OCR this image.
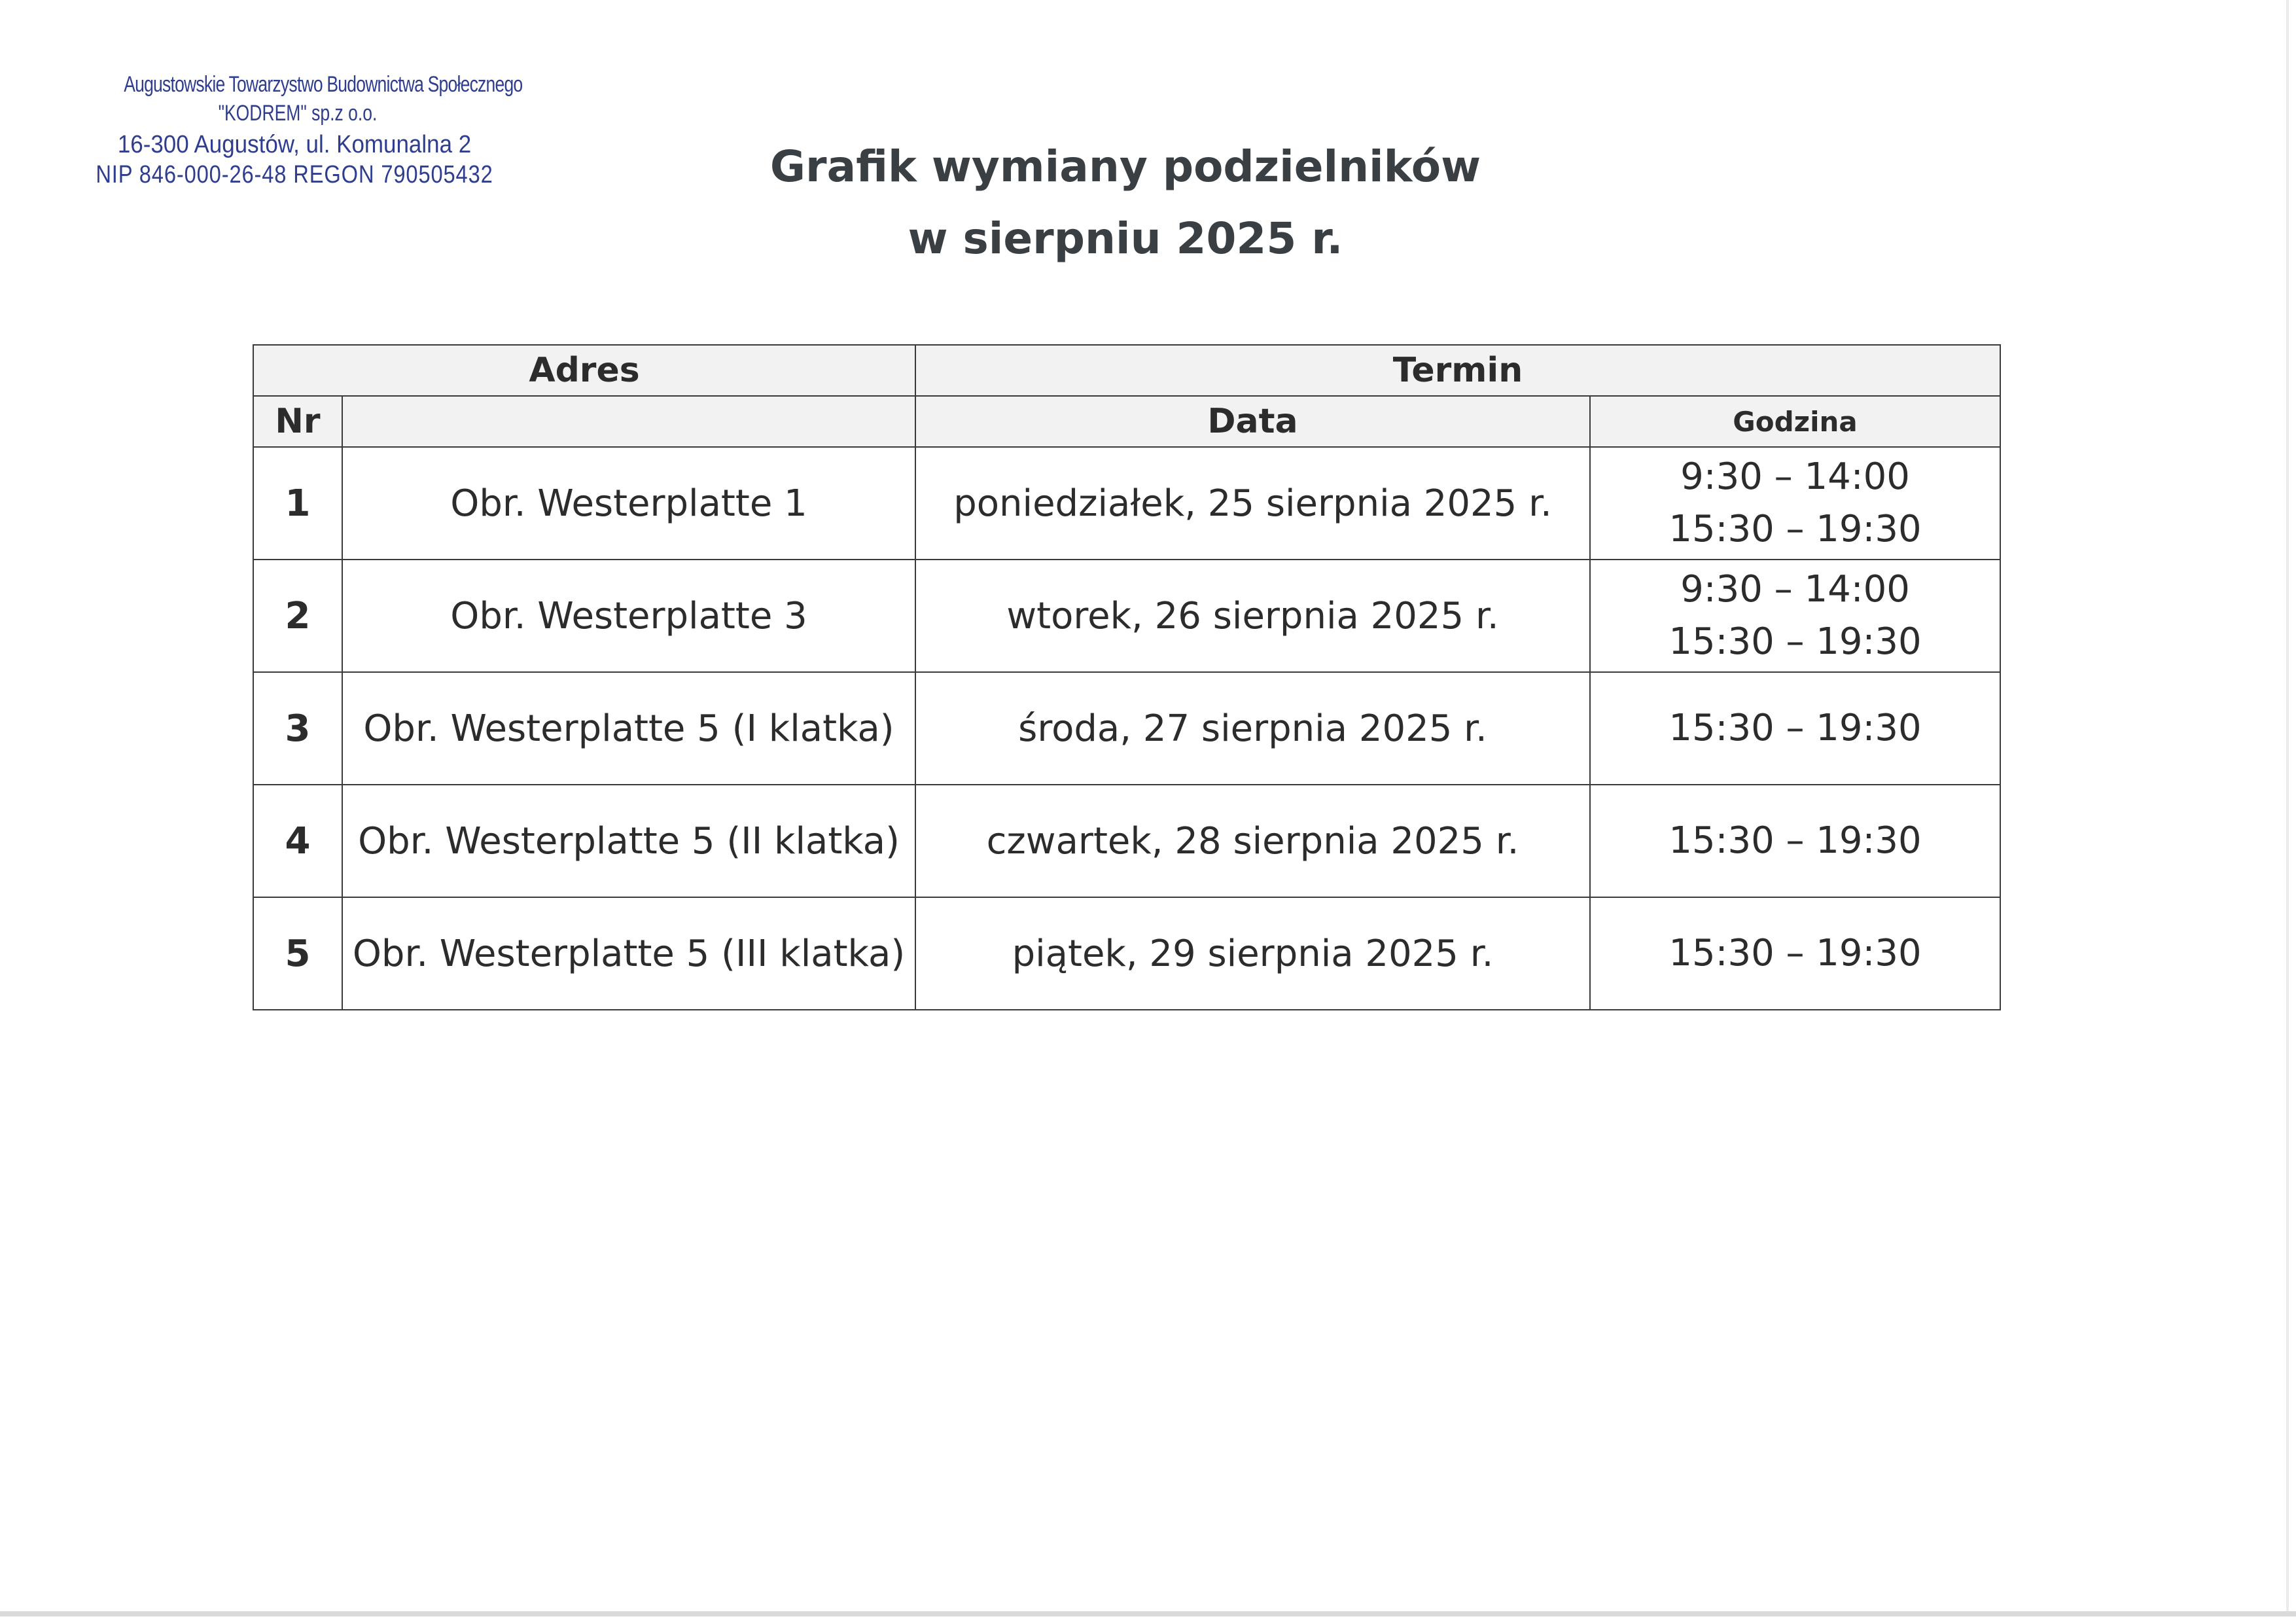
Augustowskie Towarzystwo Budownictwa Społecznego
"KODREM" sp.z o.o.
16-300 Augustów, ul. Komunalna 2
NIP 846-000-26-48 REGON 790505432	Grafik wymiany podzielników
w sierpniu 2025 r.
Adres		Termin	
Nr		Data	Godzina
1	Obr. Westerplatte 1	poniedziałek, 25 sierpnia 2025 r.	9:30 – 14:00
15:30 – 19:30

2	Obr. Westerplatte 3	wtorek, 26 sierpnia 2025 r.	9:30 – 14:00
15:30 – 19:30

3	Obr. Westerplatte 5 (I klatka)	środa, 27 sierpnia 2025 r.	15:30 – 19:30

4	Obr. Westerplatte 5 (II klatka)	czwartek, 28 sierpnia 2025 r.	15:30 – 19:30

5	Obr. Westerplatte 5 (III klatka)	piątek, 29 sierpnia 2025 r.	15:30 – 19:30
